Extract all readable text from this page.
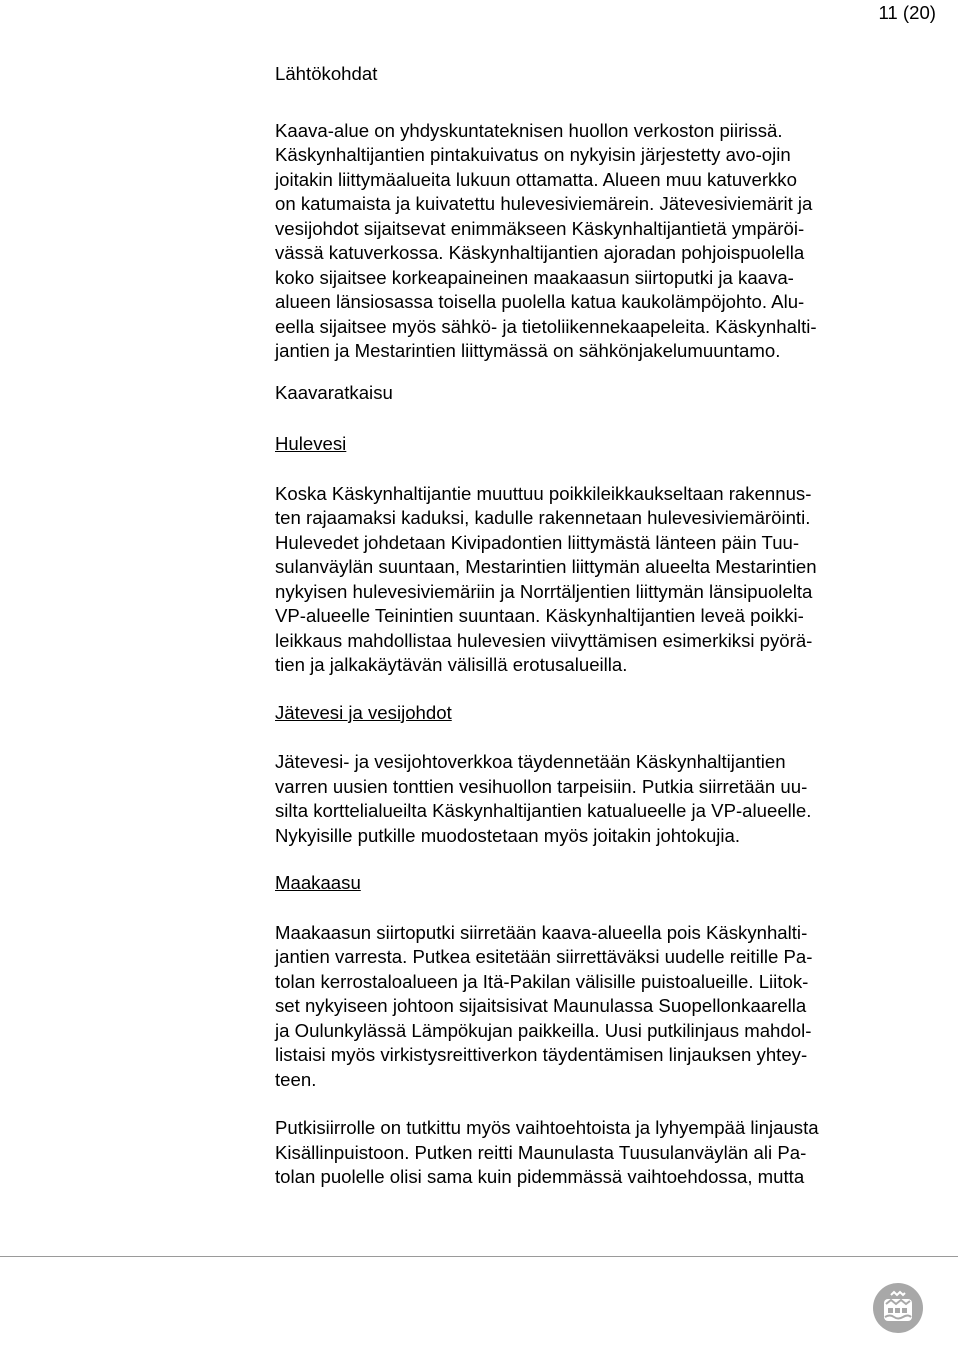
11 (20)
Lähtökohdat
Kaava-alue on yhdyskuntateknisen huollon verkoston piirissä.
Käskynhaltijantien pintakuivatus on nykyisin järjestetty avo-ojin
joitakin liittymäalueita lukuun ottamatta. Alueen muu katuverkko
on katumaista ja kuivatettu hulevesiviemärein. Jätevesiviemärit ja
vesijohdot sijaitsevat enimmäkseen Käskynhaltijantietä ympäröi-
vässä katuverkossa. Käskynhaltijantien ajoradan pohjoispuolella
koko sijaitsee korkeapaineinen maakaasun siirtoputki ja kaava-
alueen länsiosassa toisella puolella katua kaukolämpöjohto. Alu-
eella sijaitsee myös sähkö- ja tietoliikennekaapeleita. Käskynhalti-
jantien ja Mestarintien liittymässä on sähkönjakelumuuntamo.
Kaavaratkaisu
Hulevesi
Koska Käskynhaltijantie muuttuu poikkileikkaukseltaan rakennus-
ten rajaamaksi kaduksi, kadulle rakennetaan hulevesiviemäröinti.
Hulevedet johdetaan Kivipadontien liittymästä länteen päin Tuu-
sulanväylän suuntaan, Mestarintien liittymän alueelta Mestarintien
nykyisen hulevesiviemäriin ja Norrtäljentien liittymän länsipuolelta
VP-alueelle Teinintien suuntaan. Käskynhaltijantien leveä poikki-
leikkaus mahdollistaa hulevesien viivyttämisen esimerkiksi pyörä-
tien ja jalkakäytävän välisillä erotusalueilla.
Jätevesi ja vesijohdot
Jätevesi- ja vesijohtoverkkoa täydennetään Käskynhaltijantien
varren uusien tonttien vesihuollon tarpeisiin. Putkia siirretään uu-
silta korttelialueilta Käskynhaltijantien katualueelle ja VP-alueelle.
Nykyisille putkille muodostetaan myös joitakin johtokujia.
Maakaasu
Maakaasun siirtoputki siirretään kaava-alueella pois Käskynhalti-
jantien varresta. Putkea esitetään siirrettäväksi uudelle reitille Pa-
tolan kerrostaloalueen ja Itä-Pakilan välisille puistoalueille. Liitok-
set nykyiseen johtoon sijaitsisivat Maunulassa Suopellonkaarella
ja Oulunkylässä Lämpökujan paikkeilla. Uusi putkilinjaus mahdol-
listaisi myös virkistysreittiverkon täydentämisen linjauksen yhtey-
teen.
Putkisiirrolle on tutkittu myös vaihtoehtoista ja lyhyempää linjausta
Kisällinpuistoon. Putken reitti Maunulasta Tuusulanväylän ali Pa-
tolan puolelle olisi sama kuin pidemmässä vaihtoehdossa, mutta
